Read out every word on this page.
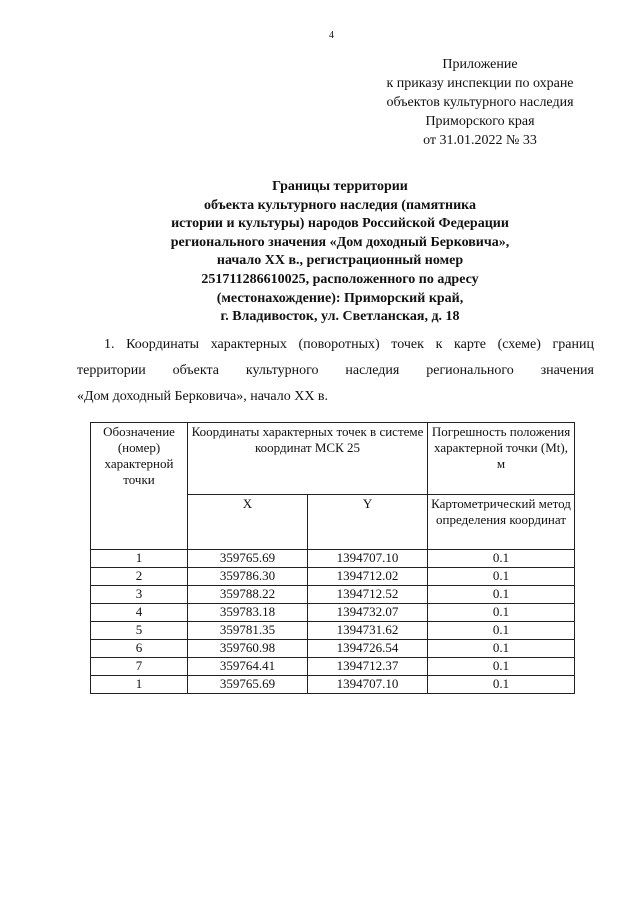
4
Приложение
к приказу инспекции по охране
объектов культурного наследия
Приморского края
от 31.01.2022 № 33
Границы территории
объекта культурного наследия (памятника
истории и культуры) народов Российской Федерации
регионального значения «Дом доходный Берковича»,
начало XX в., регистрационный номер
251711286610025, расположенного по адресу
(местонахождение): Приморский край,
г. Владивосток, ул. Светланская, д. 18
1. Координаты характерных (поворотных) точек к карте (схеме) границ
территории объекта культурного наследия регионального значения
«Дом доходный Берковича», начало XX в.
Обозначение (номер) характерной точки	Координаты характерных точек в системе координат МСК 25		Погрешность положения характерной точки (Mt), м
	X	Y	Картометрический метод определения координат
1	359765.69	1394707.10	0.1
2	359786.30	1394712.02	0.1
3	359788.22	1394712.52	0.1
4	359783.18	1394732.07	0.1
5	359781.35	1394731.62	0.1
6	359760.98	1394726.54	0.1
7	359764.41	1394712.37	0.1
1	359765.69	1394707.10	0.1
